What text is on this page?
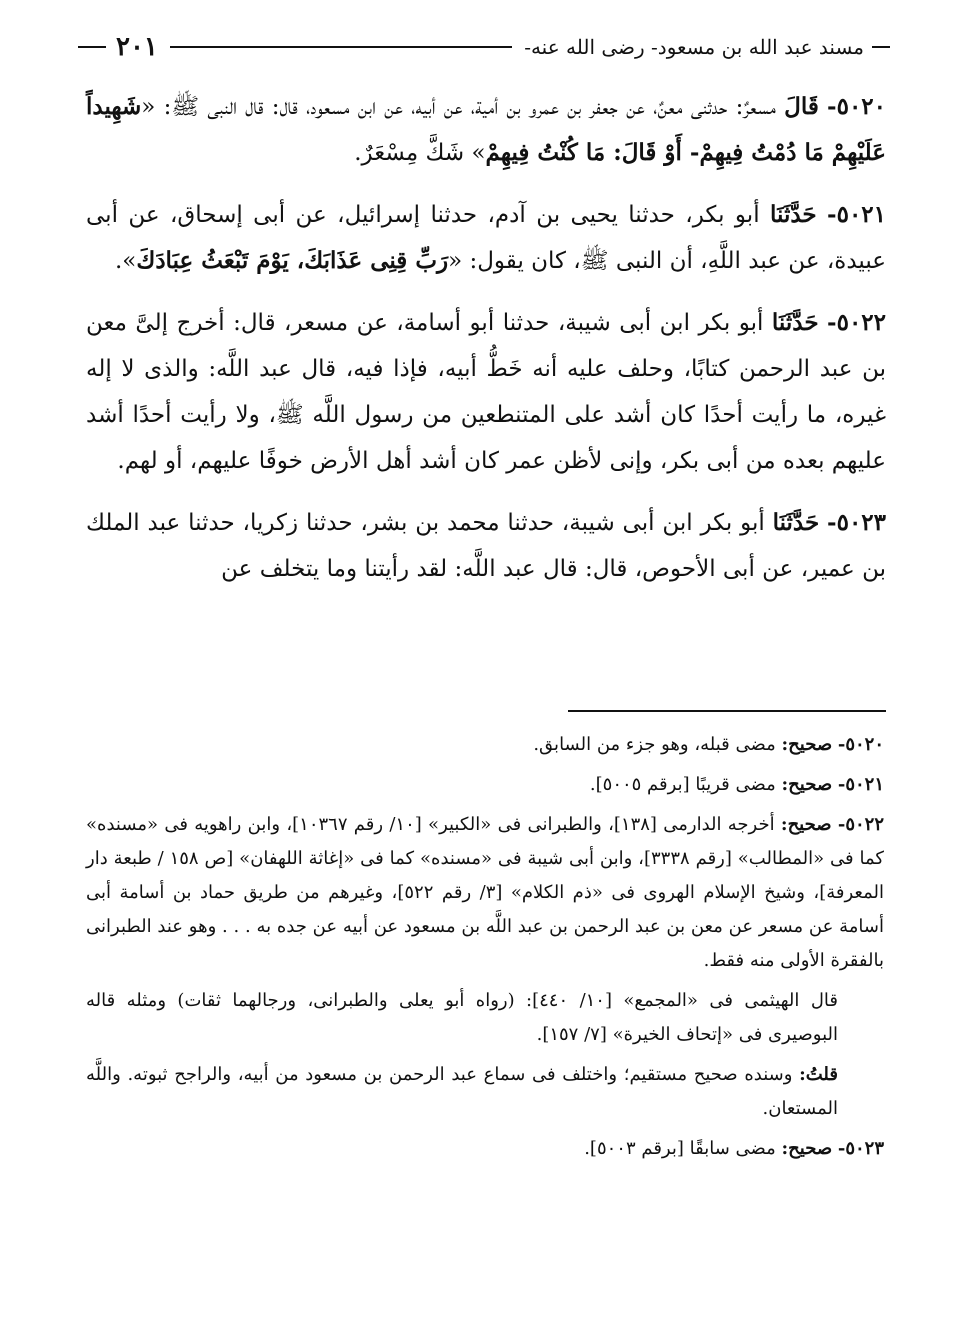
مسند عبد الله بن مسعود- رضى الله عنه-
٢٠١

٥٠٢٠- قَالَ مسعرٌ: حدثنى معنٌ، عن جعفر بن عمرو بن أمية، عن أبيه، عن ابن مسعود، قال: قال النبى ﷺ: «شَهِيداً عَلَيْهِمْ مَا دُمْتُ فِيهِمْ- أَوْ قَالَ: مَا كُنْتُ فِيهِمْ» شَكَّ مِسْعَرٌ.

٥٠٢١- حَدَّثَنَا أبو بكر، حدثنا يحيى بن آدم، حدثنا إسرائيل، عن أبى إسحاق، عن أبى عبيدة، عن عبد اللَّهِ، أن النبى ﷺ، كان يقول: «رَبِّ قِنِى عَذَابَكَ، يَوْمَ تَبْعَثُ عِبَادَكَ».

٥٠٢٢- حَدَّثَنَا أبو بكر ابن أبى شيبة، حدثنا أبو أسامة، عن مسعر، قال: أخرج إلىَّ معن بن عبد الرحمن كتابًا، وحلف عليه أنه خَطُّ أبيه، فإذا فيه، قال عبد اللَّه: والذى لا إله غيره، ما رأيت أحدًا كان أشد على المتنطعين من رسول اللَّه ﷺ، ولا رأيت أحدًا أشد عليهم بعده من أبى بكر، وإنى لأظن عمر كان أشد أهل الأرض خوفًا عليهم، أو لهم.

٥٠٢٣- حَدَّثَنَا أبو بكر ابن أبى شيبة، حدثنا محمد بن بشر، حدثنا زكريا، حدثنا عبد الملك بن عمير، عن أبى الأحوص، قال: قال عبد اللَّه: لقد رأيتنا وما يتخلف عن

٥٠٢٠- صحيح: مضى قبله، وهو جزء من السابق.

٥٠٢١- صحيح: مضى قريبًا [برقم ٥٠٠٥].

٥٠٢٢- صحيح: أخرجه الدارمى [١٣٨]، والطبرانى فى «الكبير» [١٠/ رقم ١٠٣٦٧]، وابن راهويه فى «مسنده» كما فى «المطالب» [رقم ٣٣٣٨]، وابن أبى شيبة فى «مسنده» كما فى «إغاثة اللهفان» [ص ١٥٨ / طبعة دار المعرفة]، وشيخ الإسلام الهروى فى «ذم الكلام» [٣/ رقم ٥٢٢]، وغيرهم من طريق حماد بن أسامة أبى أسامة عن مسعر عن معن بن عبد الرحمن بن عبد اللَّه بن مسعود عن أبيه عن جده به . . . وهو عند الطبرانى بالفقرة الأولى منه فقط.

قال الهيثمى فى «المجمع» [١٠/ ٤٤٠]: (رواه أبو يعلى والطبرانى، ورجالهما ثقات) ومثله قاله البوصيرى فى «إتحاف الخيرة» [٧/ ١٥٧].

قلتُ: وسنده صحيح مستقيم؛ واختلف فى سماع عبد الرحمن بن مسعود من أبيه، والراجح ثبوته. واللَّه المستعان.

٥٠٢٣- صحيح: مضى سابقًا [برقم ٥٠٠٣].
